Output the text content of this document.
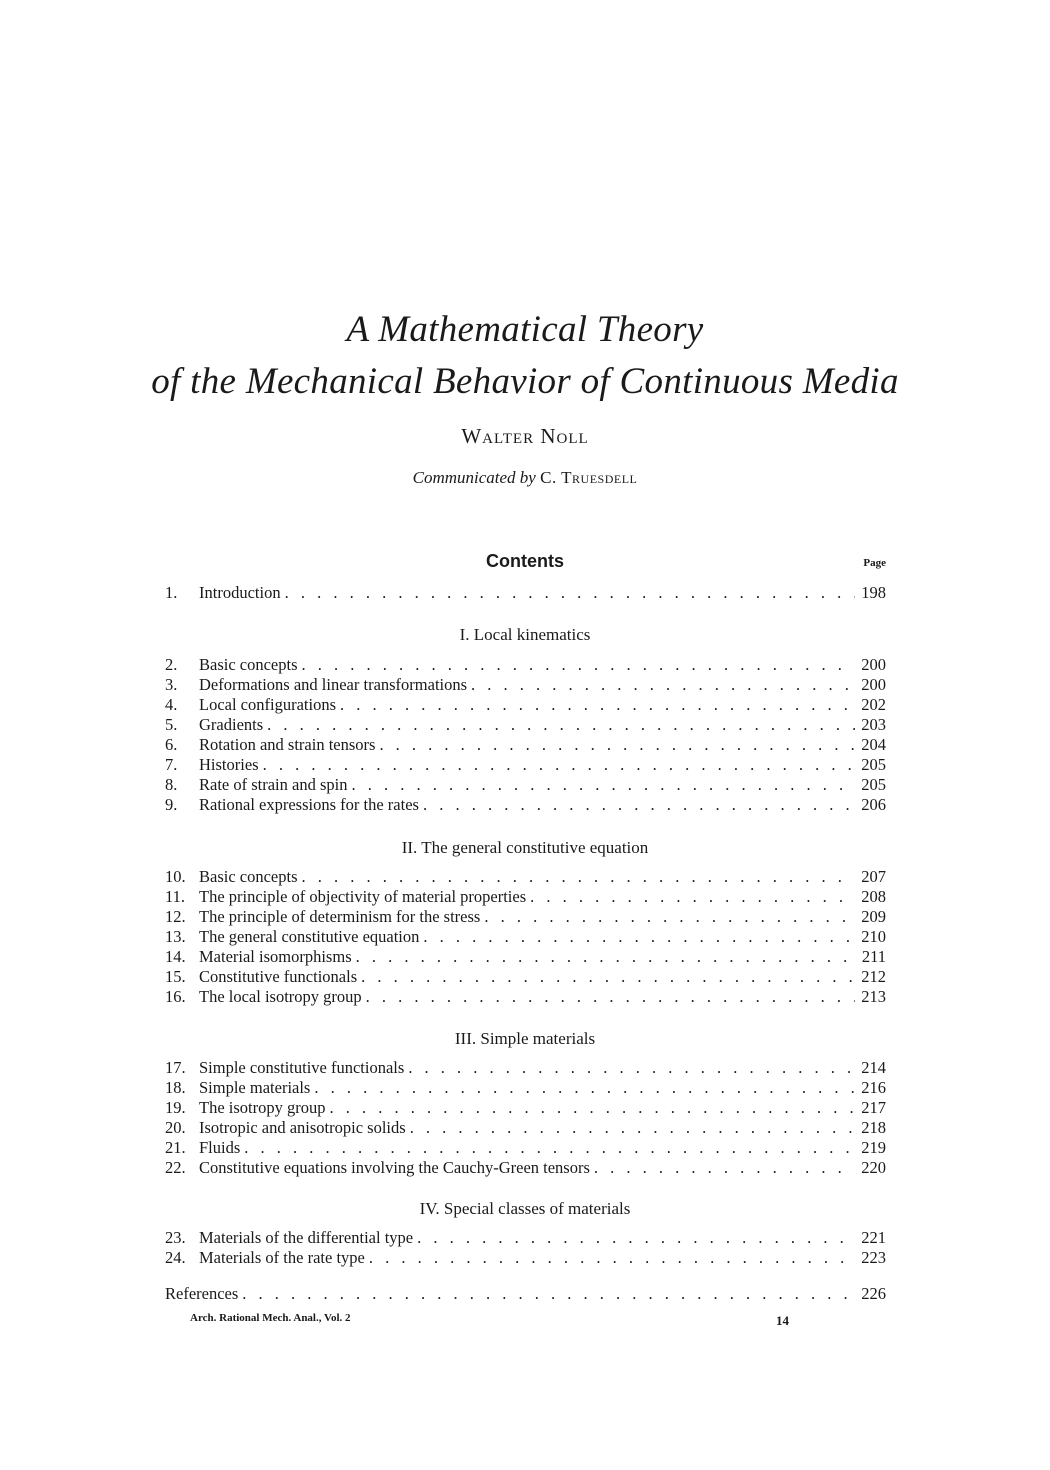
A Mathematical Theory
of the Mechanical Behavior of Continuous Media
Walter Noll
Communicated by C. Truesdell
Contents	Page
1.	Introduction . . .	198
I. Local kinematics
2.	Basic concepts . . .	200
3.	Deformations and linear transformations . . .	200
4.	Local configurations . . .	202
5.	Gradients . . .	203
6.	Rotation and strain tensors . . .	204
7.	Histories . . .	205
8.	Rate of strain and spin . . .	205
9.	Rational expressions for the rates . . .	206
II. The general constitutive equation
10. Basic concepts . . .	207
11. The principle of objectivity of material properties . . .	208
12. The principle of determinism for the stress . . .	209
13. The general constitutive equation . . .	210
14. Material isomorphisms . . .	211
15. Constitutive functionals . . .	212
16. The local isotropy group . . .	213
III. Simple materials
17. Simple constitutive functionals . . .	214
18. Simple materials . . .	216
19. The isotropy group . . .	217
20. Isotropic and anisotropic solids . . .	218
21. Fluids . . .	219
22. Constitutive equations involving the Cauchy-Green tensors . . .	220
IV. Special classes of materials
23. Materials of the differential type . . .	221
24. Materials of the rate type . . .	223
References . . .	226
Arch. Rational Mech. Anal., Vol. 2	14
